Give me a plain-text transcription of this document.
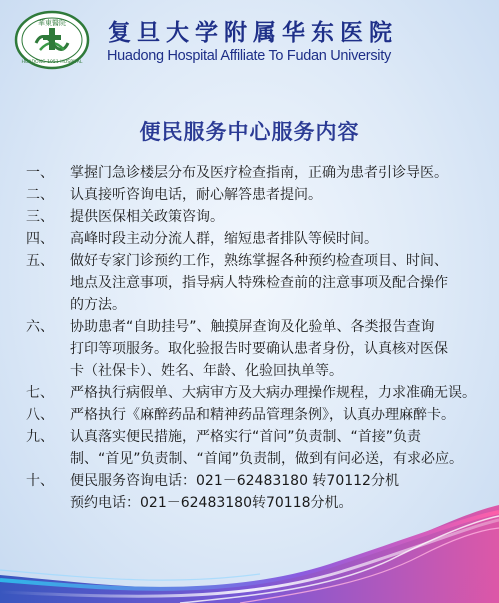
華東醫院
HUADONG 1951 HOSPITAL
复旦大学附属华东医院
Huadong Hospital Affiliate To Fudan University
便民服务中心服务内容
一、	掌握门急诊楼层分布及医疗检查指南，正确为患者引诊导医。
二、	认真接听咨询电话，耐心解答患者提问。
三、	提供医保相关政策咨询。
四、	高峰时段主动分流人群，缩短患者排队等候时间。
五、	做好专家门诊预约工作，熟练掌握各种预约检查项目、时间、
地点及注意事项，指导病人特殊检查前的注意事项及配合操作
的方法。
六、	协助患者“自助挂号”、触摸屏查询及化验单、各类报告查询
打印等项服务。取化验报告时要确认患者身份，认真核对医保
卡（社保卡）、姓名、年龄、化验回执单等。
七、	严格执行病假单、大病审方及大病办理操作规程，力求准确无误。
八、	严格执行《麻醉药品和精神药品管理条例》，认真办理麻醉卡。
九、	认真落实便民措施，严格实行“首问”负责制、“首接”负责
制、“首见”负责制、“首闻”负责制，做到有问必送，有求必应。
十、	便民服务咨询电话：021－62483180 转70112分机
预约电话：021－62483180转70118分机。
